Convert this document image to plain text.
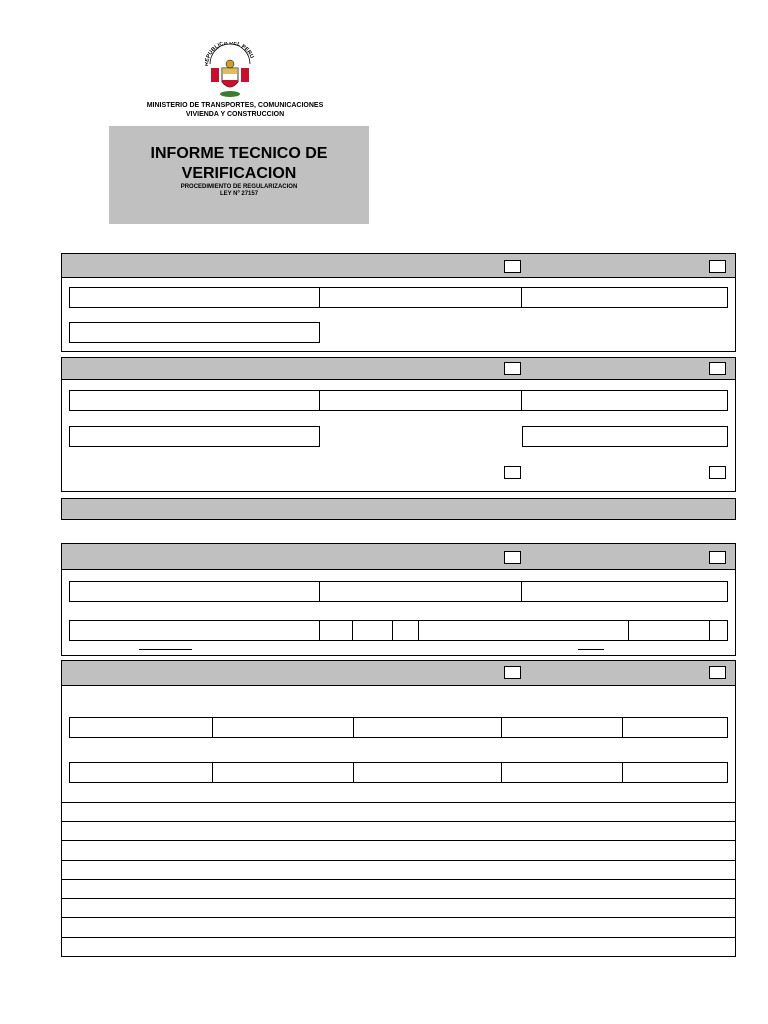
EPUBLICA DEL PERU
MINISTERIO DE TRANSPORTES, COMUNICACIONES
VIVIENDA Y CONSTRUCCION
INFORME TECNICO DE
VERIFICACION
PROCEDIMIENTO DE REGULARIZACION
LEY Nº 27157
